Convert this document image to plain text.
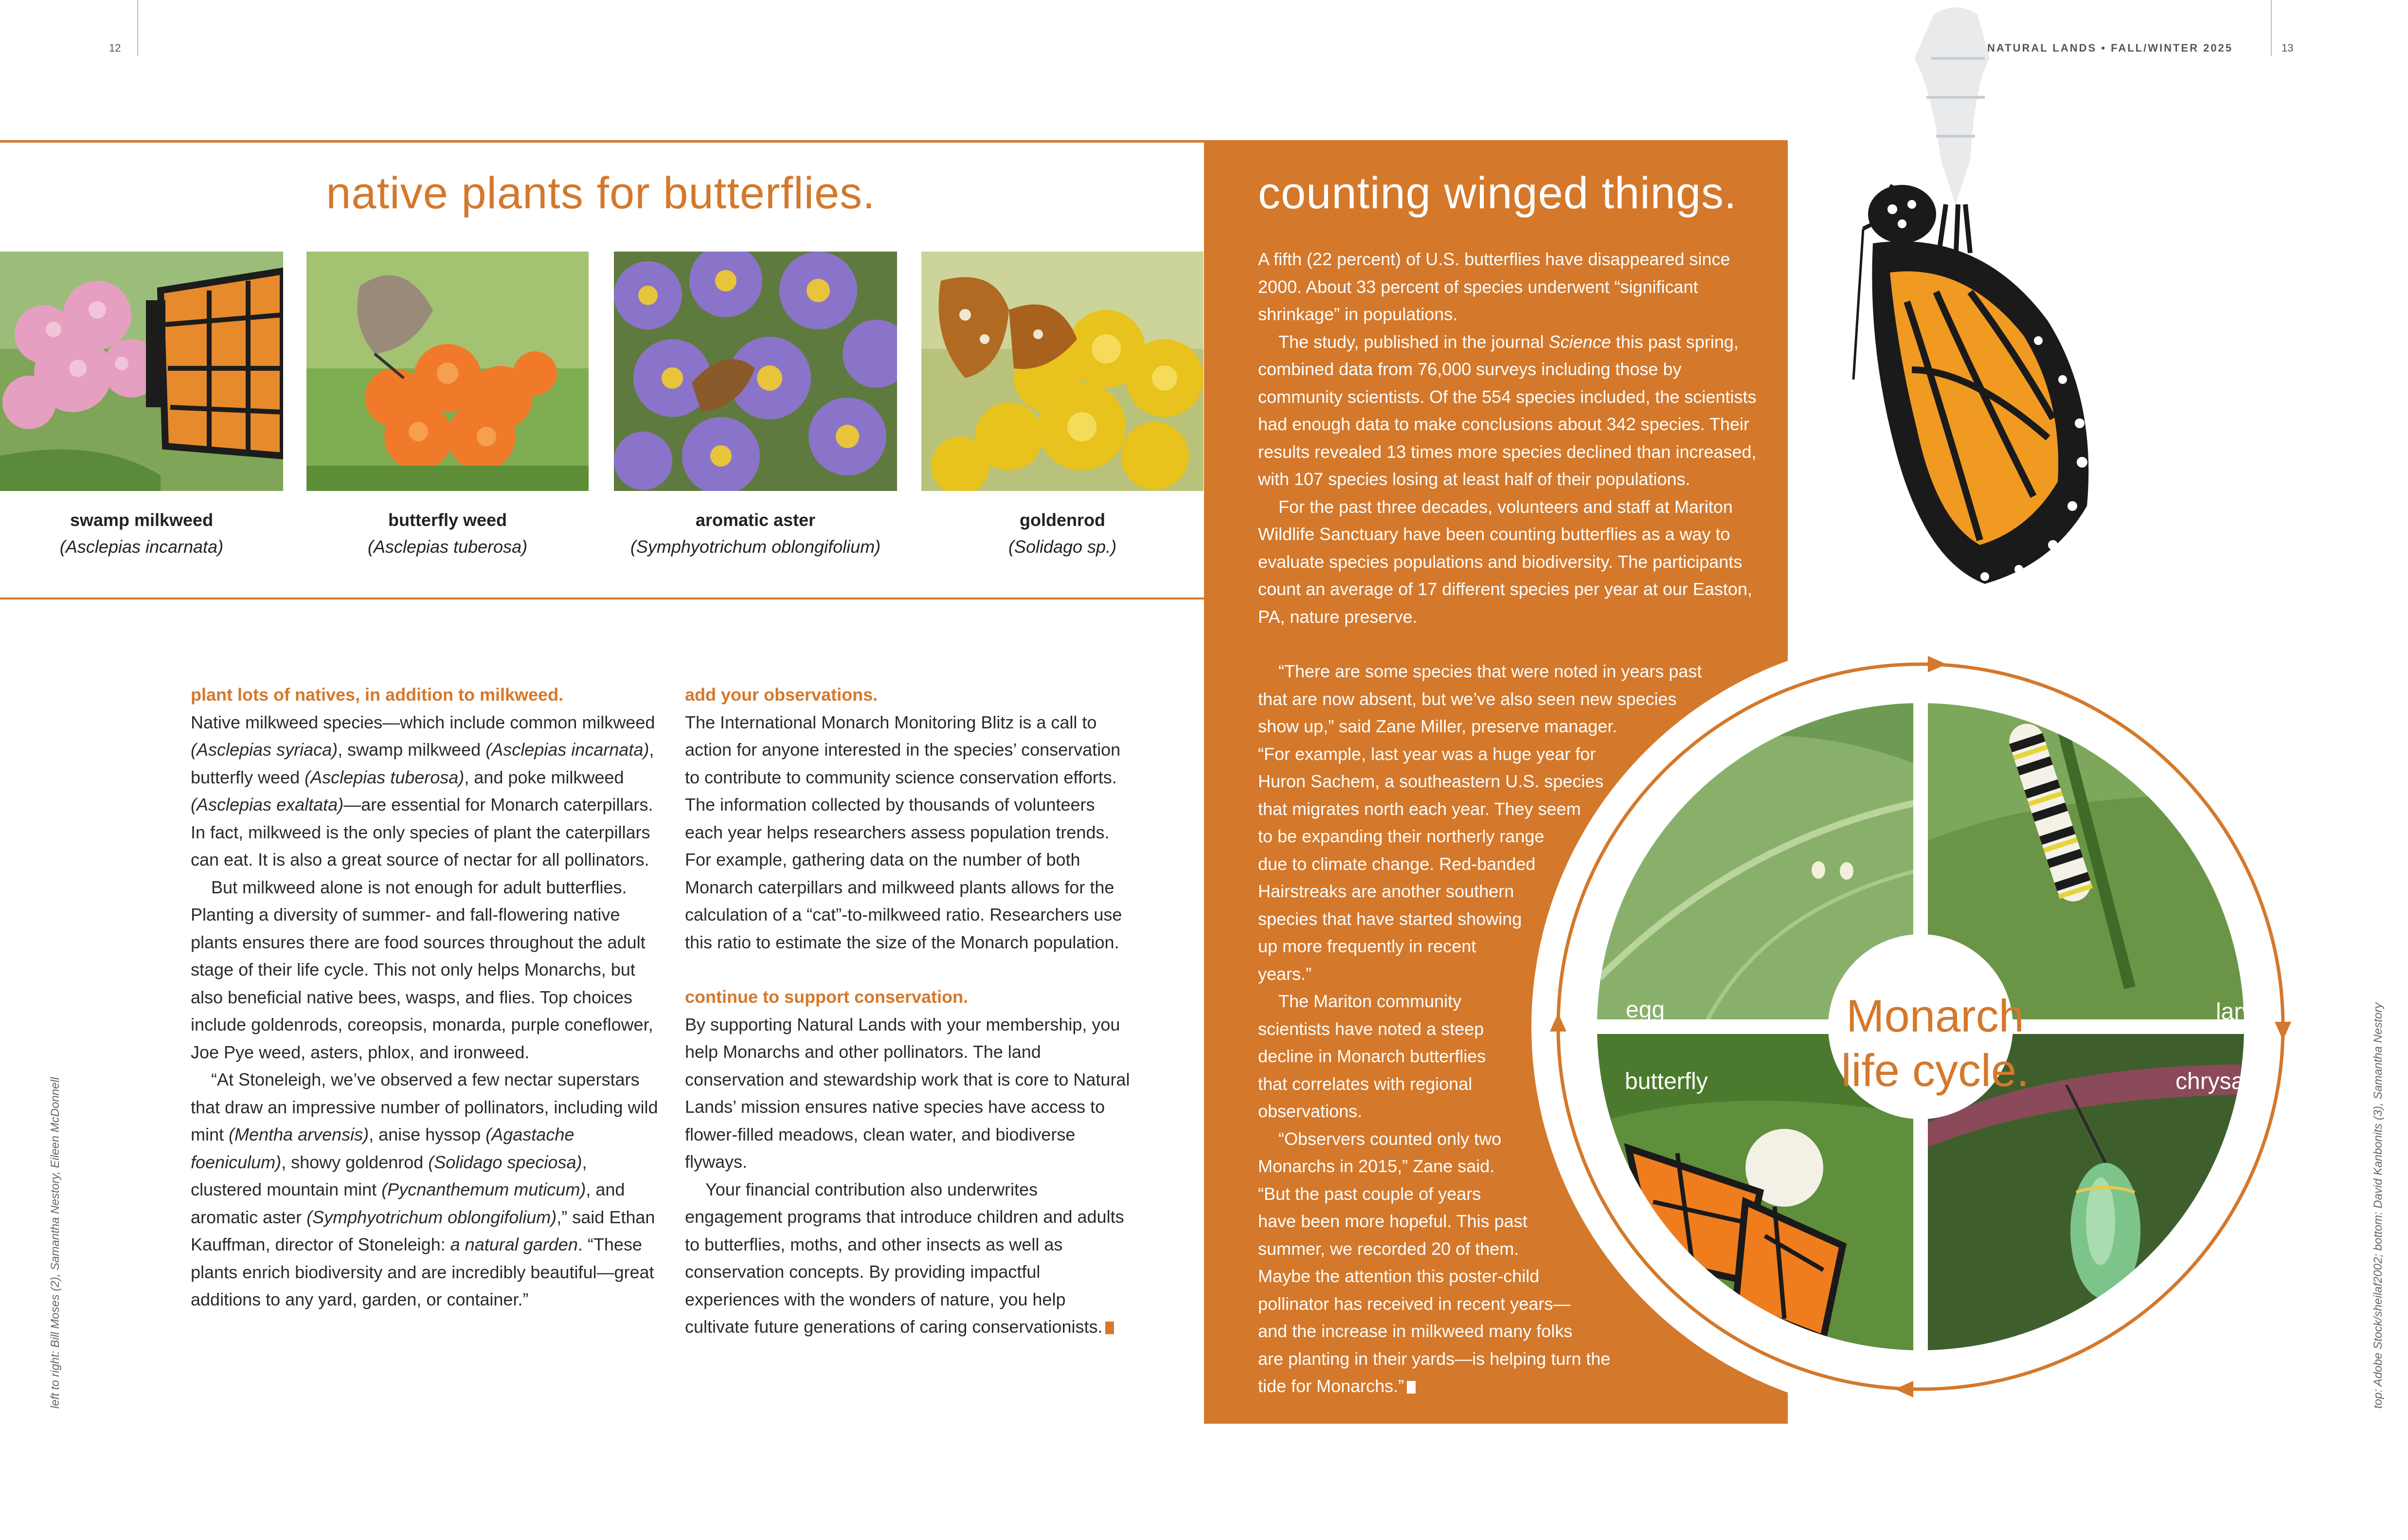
12	NATURAL LANDS • FALL/WINTER 2025	13
native plants for butterflies.
swamp milkweed
(Asclepias incarnata)
butterfly weed
(Asclepias tuberosa)
aromatic aster
(Symphyotrichum oblongifolium)
goldenrod
(Solidago sp.)

plant lots of natives, in addition to milkweed.

Native milkweed species—which include common milkweed (Asclepias syriaca), swamp milkweed (Asclepias incarnata), butterfly weed (Asclepias tuberosa), and poke milkweed (Asclepias exaltata)—are essential for Monarch caterpillars. In fact, milkweed is the only species of plant the caterpillars can eat. It is also a great source of nectar for all pollinators.

But milkweed alone is not enough for adult butterflies. Planting a diversity of summer- and fall-flowering native plants ensures there are food sources throughout the adult stage of their life cycle. This not only helps Monarchs, but also beneficial native bees, wasps, and flies. Top choices include goldenrods, coreopsis, monarda, purple coneflower, Joe Pye weed, asters, phlox, and ironweed.

“At Stoneleigh, we’ve observed a few nectar superstars that draw an impressive number of pollinators, including wild mint (Mentha arvensis), anise hyssop (Agastache foeniculum), showy goldenrod (Solidago speciosa), clustered mountain mint (Pycnanthemum muticum), and aromatic aster (Symphyotrichum oblongifolium),” said Ethan Kauffman, director of Stoneleigh: a natural garden. “These plants enrich biodiversity and are incredibly beautiful—great additions to any yard, garden, or container.”

add your observations.

The International Monarch Monitoring Blitz is a call to action for anyone interested in the species’ conservation to contribute to community science conservation efforts. The information collected by thousands of volunteers each year helps researchers assess population trends. For example, gathering data on the number of both Monarch caterpillars and milkweed plants allows for the calculation of a “cat”-to-milkweed ratio. Researchers use this ratio to estimate the size of the Monarch population.

continue to support conservation.

By supporting Natural Lands with your membership, you help Monarchs and other pollinators. The land conservation and stewardship work that is core to Natural Lands’ mission ensures native species have access to flower-filled meadows, clean water, and biodiverse flyways.

Your financial contribution also underwrites engagement programs that introduce children and adults to butterflies, moths, and other insects as well as conservation concepts. By providing impactful experiences with the wonders of nature, you help cultivate future generations of caring conservationists.

egg	larva
butterfly	chrysalis
Monarch
life cycle.
counting winged things.

A fifth (22 percent) of U.S. butterflies have disappeared since 2000. About 33 percent of species underwent “significant shrinkage” in populations.

The study, published in the journal Science this past spring, combined data from 76,000 surveys including those by community scientists. Of the 554 species included, the scientists had enough data to make conclusions about 342 species. Their results revealed 13 times more species declined than increased, with 107 species losing at least half of their populations.

For the past three decades, volunteers and staff at Mariton Wildlife Sanctuary have been counting butterflies as a way to evaluate species populations and biodiversity. The participants count an average of 17 different species per year at our Easton, PA, nature preserve.

“There are some species that were noted in years past
that are now absent, but we’ve also seen new species
show up,” said Zane Miller, preserve manager.
“For example, last year was a huge year for
Huron Sachem, a southeastern U.S. species
that migrates north each year. They seem
to be expanding their northerly range
due to climate change. Red-banded
Hairstreaks are another southern
species that have started showing
up more frequently in recent
years.”
The Mariton community
scientists have noted a steep
decline in Monarch butterflies
that correlates with regional
observations.
“Observers counted only two
Monarchs in 2015,” Zane said.
“But the past couple of years
have been more hopeful. This past
summer, we recorded 20 of them.
Maybe the attention this poster-child
pollinator has received in recent years—
and the increase in milkweed many folks
are planting in their yards—is helping turn the
tide for Monarchs.”
left to right: Bill Moses (2), Samantha Nestory, Eileen McDonnell	top: Adobe Stock/sheilaf2002; bottom: David Kanbonits (3), Samantha Nestory
